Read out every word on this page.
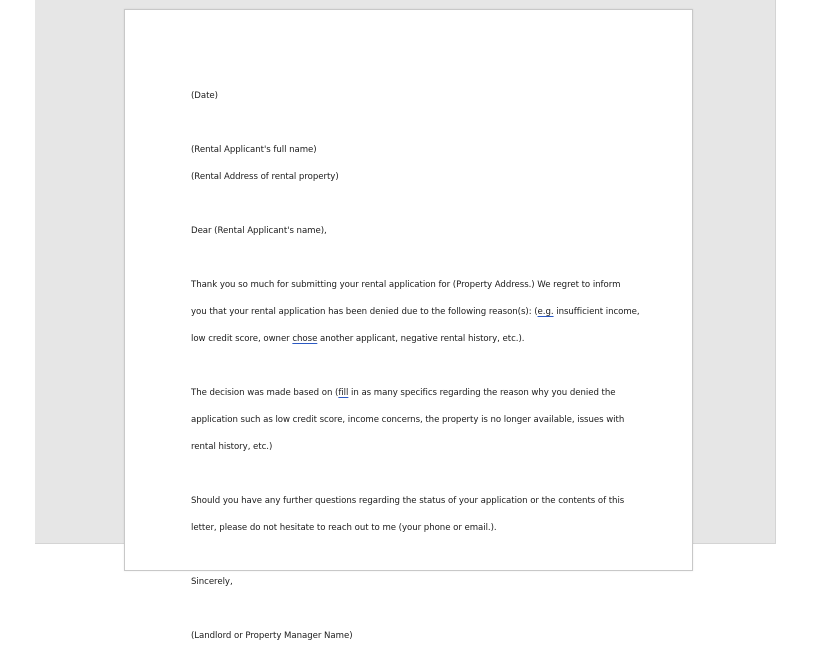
(Date)

(Rental Applicant's full name)

(Rental Address of rental property)

Dear (Rental Applicant's name),

Thank you so much for submitting your rental application for (Property Address.) We regret to inform

you that your rental application has been denied due to the following reason(s): (e.g. insufficient income,

low credit score, owner chose another applicant, negative rental history, etc.).

The decision was made based on (fill in as many specifics regarding the reason why you denied the

application such as low credit score, income concerns, the property is no longer available, issues with

rental history, etc.)

Should you have any further questions regarding the status of your application or the contents of this

letter, please do not hesitate to reach out to me (your phone or email.).

Sincerely,

(Landlord or Property Manager Name)
